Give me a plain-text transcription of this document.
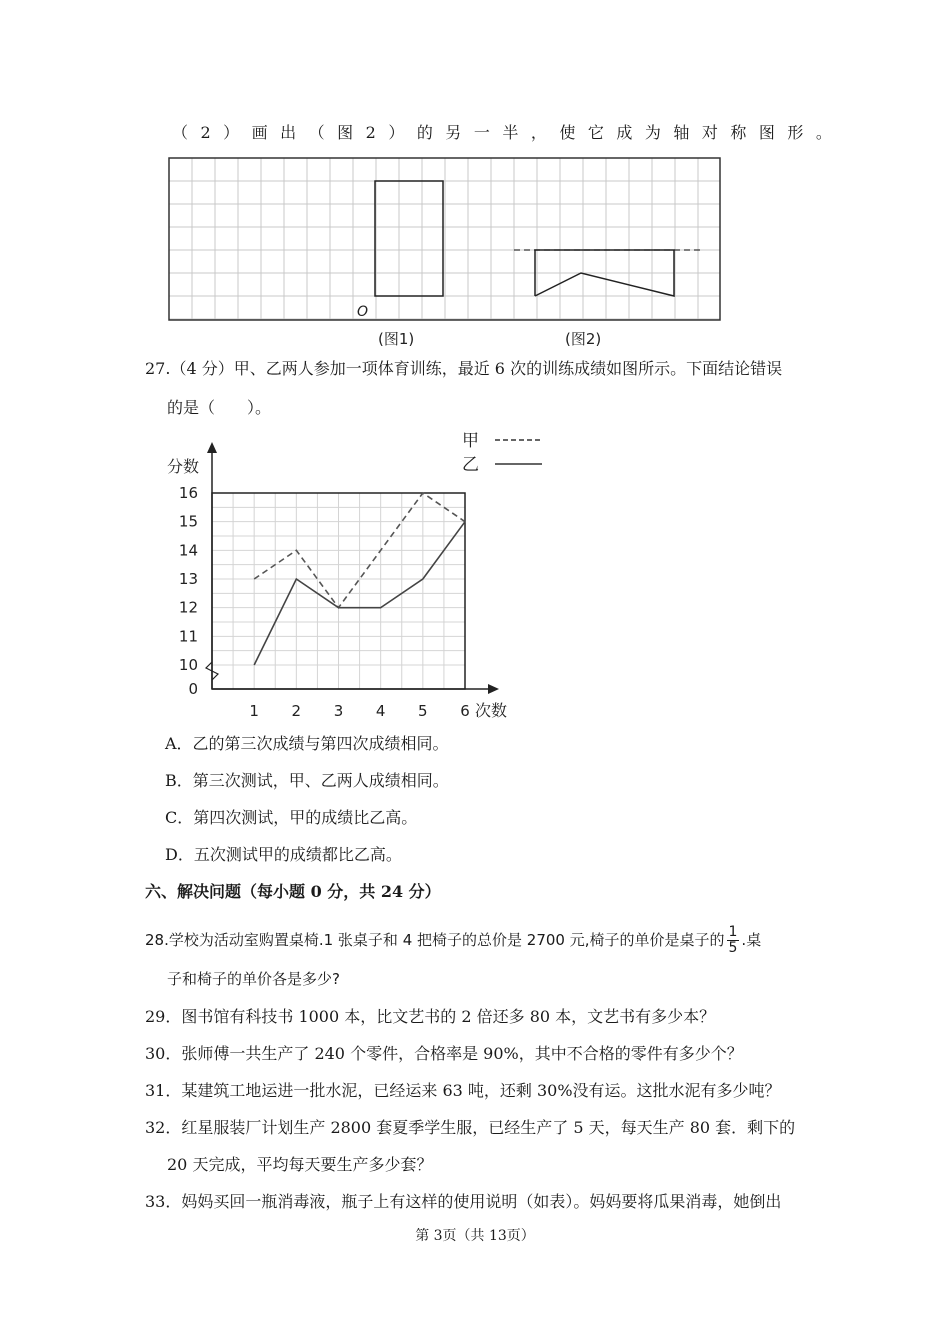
（2）画出（图2）的另一半，使它成为轴对称图形。
O
(图1)	(图2)
27.（4 分）甲、乙两人参加一项体育训练，最近 6 次的训练成绩如图所示。下面结论错误
的是（　　）。
分数
次数
0
10
11
12
13
14
15
16
1 2 3 4 5 6
甲
乙
A．乙的第三次成绩与第四次成绩相同。
B．第三次测试，甲、乙两人成绩相同。
C．第四次测试，甲的成绩比乙高。
D．五次测试甲的成绩都比乙高。
六、解决问题（每小题 0 分，共 24 分）
28.学校为活动室购置桌椅.1 张桌子和 4 把椅子的总价是 2700 元,椅子的单价是桌子的 $\frac{1}{5}$ .桌
子和椅子的单价各是多少?
29．图书馆有科技书 1000 本，比文艺书的 2 倍还多 80 本，文艺书有多少本？
30．张师傅一共生产了 240 个零件，合格率是 90%，其中不合格的零件有多少个？
31．某建筑工地运进一批水泥，已经运来 63 吨，还剩 30%没有运。这批水泥有多少吨？
32．红星服装厂计划生产 2800 套夏季学生服，已经生产了 5 天，每天生产 80 套．剩下的
20 天完成，平均每天要生产多少套？
33．妈妈买回一瓶消毒液，瓶子上有这样的使用说明（如表）。妈妈要将瓜果消毒，她倒出
第 3页（共 13页）
